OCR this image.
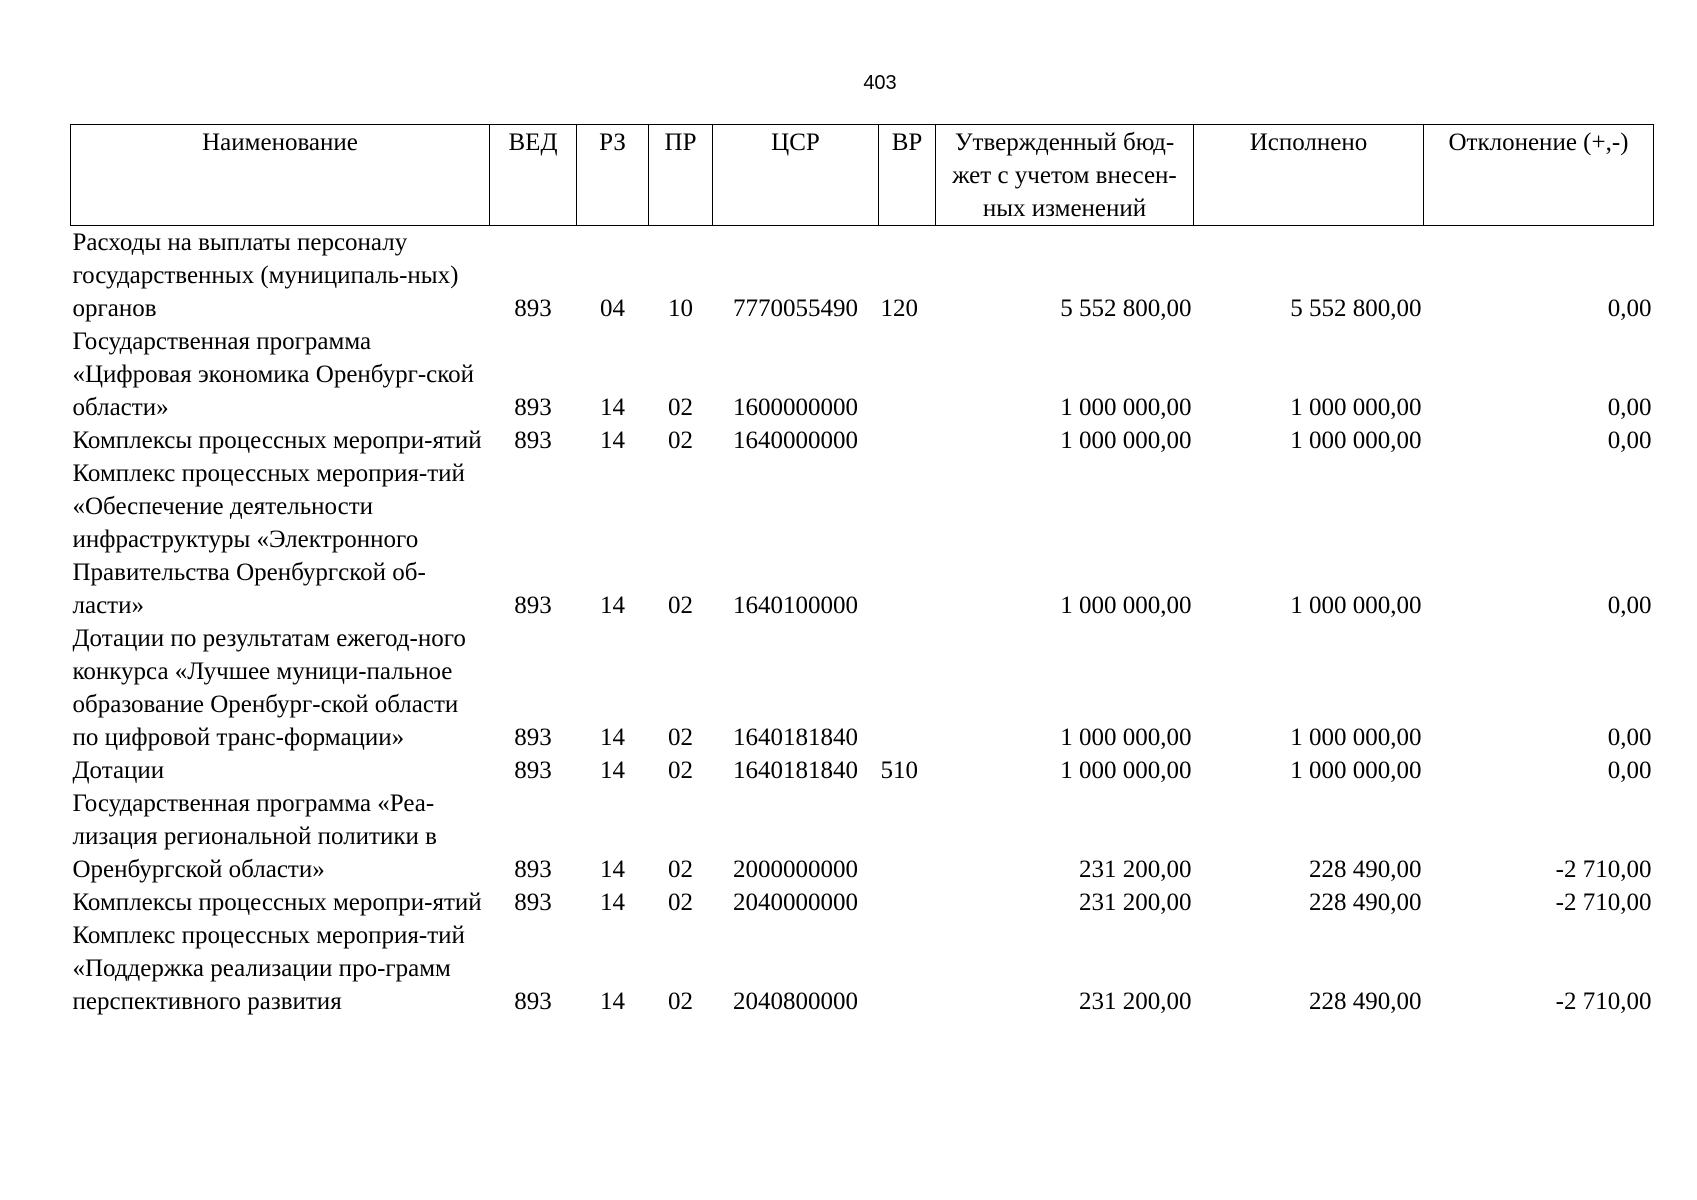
403
Наименование	ВЕД	РЗ	ПР	ЦСР	ВР	Утвержденный бюд-жет с учетом внесен-ных изменений	Исполнено	Отклонение (+,-)
Расходы на выплаты персоналу государственных (муниципаль-ных) органов	893	04	10	7770055490	120	5 552 800,00	5 552 800,00	0,00
Государственная программа «Цифровая экономика Оренбург-ской области»	893	14	02	1600000000		1 000 000,00	1 000 000,00	0,00
Комплексы процессных меропри-ятий	893	14	02	1640000000		1 000 000,00	1 000 000,00	0,00
Комплекс процессных мероприя-тий «Обеспечение деятельности инфраструктуры «Электронного Правительства Оренбургской об-ласти»	893	14	02	1640100000		1 000 000,00	1 000 000,00	0,00
Дотации по результатам ежегод-ного конкурса «Лучшее муници-пальное образование Оренбург-ской области по цифровой транс-формации»	893	14	02	1640181840		1 000 000,00	1 000 000,00	0,00
Дотации	893	14	02	1640181840	510	1 000 000,00	1 000 000,00	0,00
Государственная программа «Реа-лизация региональной политики в Оренбургской области»	893	14	02	2000000000		231 200,00	228 490,00	-2 710,00
Комплексы процессных меропри-ятий	893	14	02	2040000000		231 200,00	228 490,00	-2 710,00
Комплекс процессных мероприя-тий «Поддержка реализации про-грамм перспективного развития	893	14	02	2040800000		231 200,00	228 490,00	-2 710,00
